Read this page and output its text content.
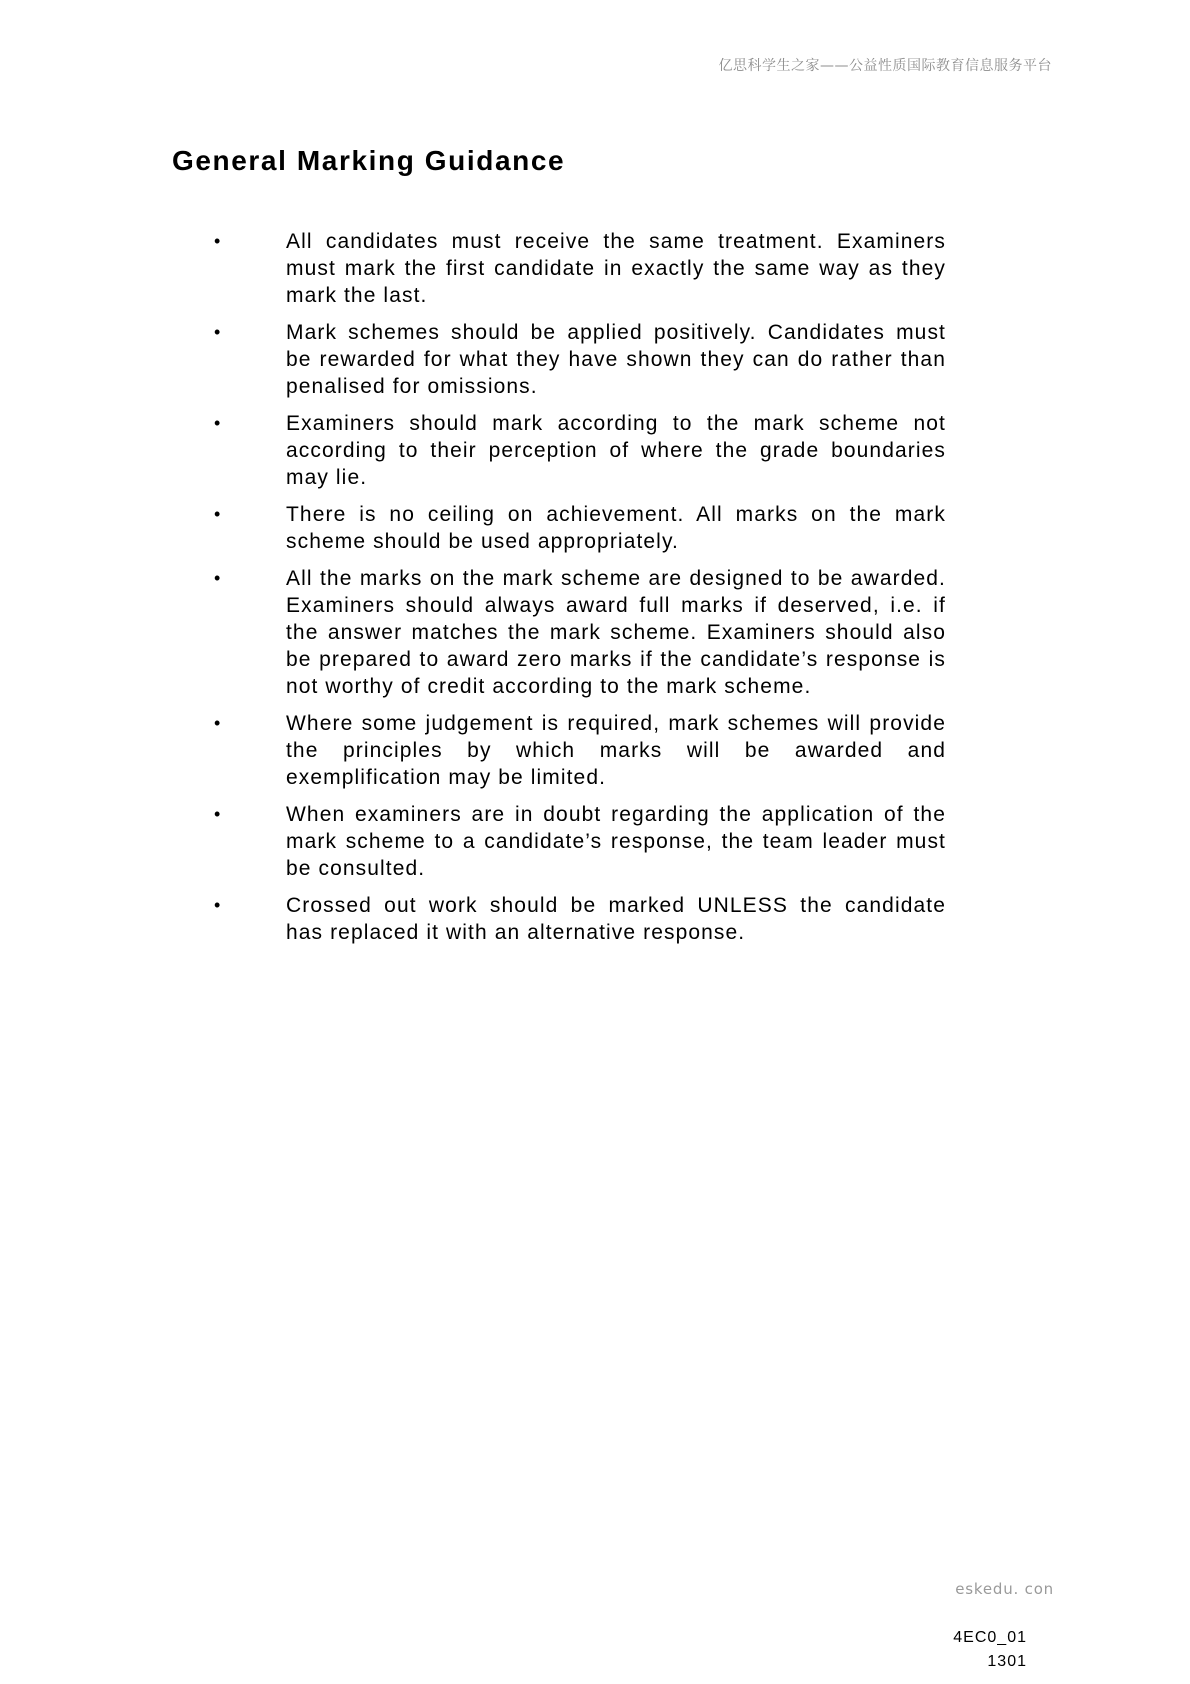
亿思科学生之家——公益性质国际教育信息服务平台
General Marking Guidance
•	All candidates must receive the same treatment. Examiners must mark the first candidate in exactly the same way as they mark the last.
•	Mark schemes should be applied positively. Candidates must be rewarded for what they have shown they can do rather than penalised for omissions.
•	Examiners should mark according to the mark scheme not according to their perception of where the grade boundaries may lie.
•	There is no ceiling on achievement. All marks on the mark scheme should be used appropriately.
•	All the marks on the mark scheme are designed to be awarded. Examiners should always award full marks if deserved, i.e. if the answer matches the mark scheme. Examiners should also be prepared to award zero marks if the candidate’s response is not worthy of credit according to the mark scheme.
•	Where some judgement is required, mark schemes will provide the principles by which marks will be awarded and exemplification may be limited.
•	When examiners are in doubt regarding the application of the mark scheme to a candidate’s response, the team leader must be consulted.
•	Crossed out work should be marked UNLESS the candidate has replaced it with an alternative response.
eskedu. con
4EC0_01
1301
